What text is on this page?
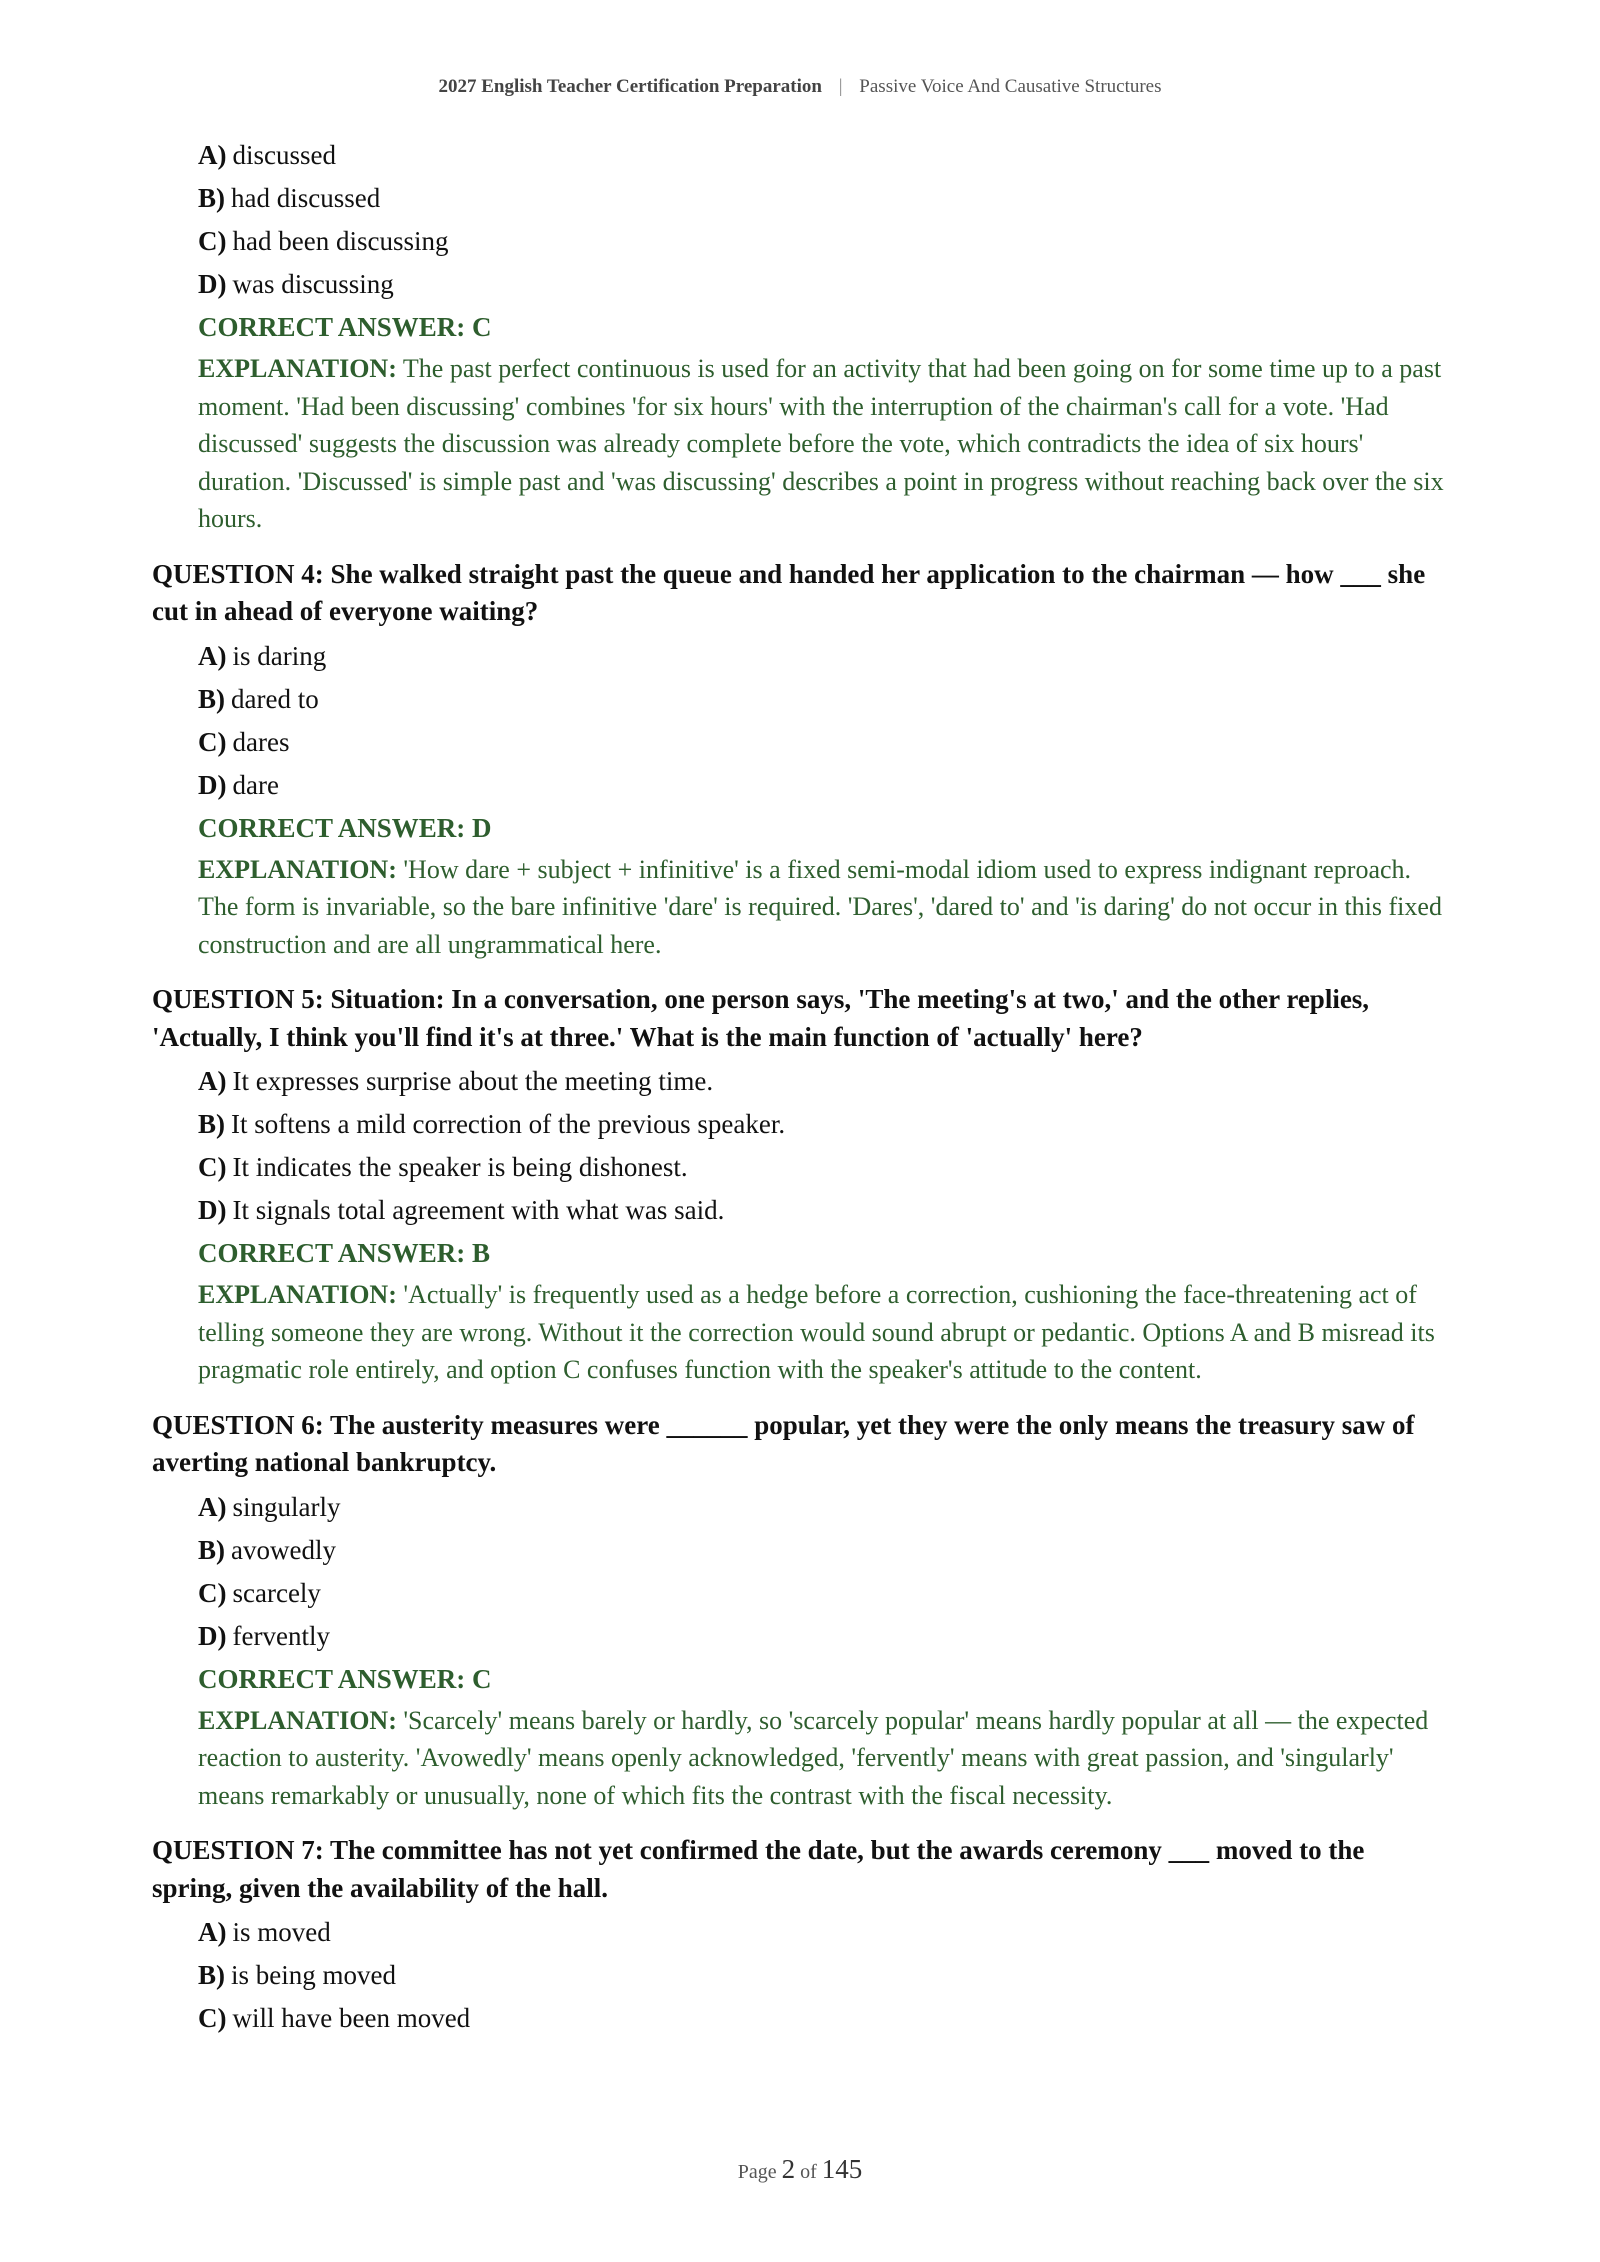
2027 English Teacher Certification Preparation | Passive Voice And Causative Structures
A) discussed
B) had discussed
C) had been discussing
D) was discussing
CORRECT ANSWER: C
EXPLANATION: The past perfect continuous is used for an activity that had been going on for some time up to a past moment. 'Had been discussing' combines 'for six hours' with the interruption of the chairman's call for a vote. 'Had discussed' suggests the discussion was already complete before the vote, which contradicts the idea of six hours' duration. 'Discussed' is simple past and 'was discussing' describes a point in progress without reaching back over the six hours.
QUESTION 4: She walked straight past the queue and handed her application to the chairman — how ___ she cut in ahead of everyone waiting?
A) is daring
B) dared to
C) dares
D) dare
CORRECT ANSWER: D
EXPLANATION: 'How dare + subject + infinitive' is a fixed semi-modal idiom used to express indignant reproach. The form is invariable, so the bare infinitive 'dare' is required. 'Dares', 'dared to' and 'is daring' do not occur in this fixed construction and are all ungrammatical here.
QUESTION 5: Situation: In a conversation, one person says, 'The meeting's at two,' and the other replies, 'Actually, I think you'll find it's at three.' What is the main function of 'actually' here?
A) It expresses surprise about the meeting time.
B) It softens a mild correction of the previous speaker.
C) It indicates the speaker is being dishonest.
D) It signals total agreement with what was said.
CORRECT ANSWER: B
EXPLANATION: 'Actually' is frequently used as a hedge before a correction, cushioning the face-threatening act of telling someone they are wrong. Without it the correction would sound abrupt or pedantic. Options A and B misread its pragmatic role entirely, and option C confuses function with the speaker's attitude to the content.
QUESTION 6: The austerity measures were ______ popular, yet they were the only means the treasury saw of averting national bankruptcy.
A) singularly
B) avowedly
C) scarcely
D) fervently
CORRECT ANSWER: C
EXPLANATION: 'Scarcely' means barely or hardly, so 'scarcely popular' means hardly popular at all — the expected reaction to austerity. 'Avowedly' means openly acknowledged, 'fervently' means with great passion, and 'singularly' means remarkably or unusually, none of which fits the contrast with the fiscal necessity.
QUESTION 7: The committee has not yet confirmed the date, but the awards ceremony ___ moved to the spring, given the availability of the hall.
A) is moved
B) is being moved
C) will have been moved
Page 2 of 145
